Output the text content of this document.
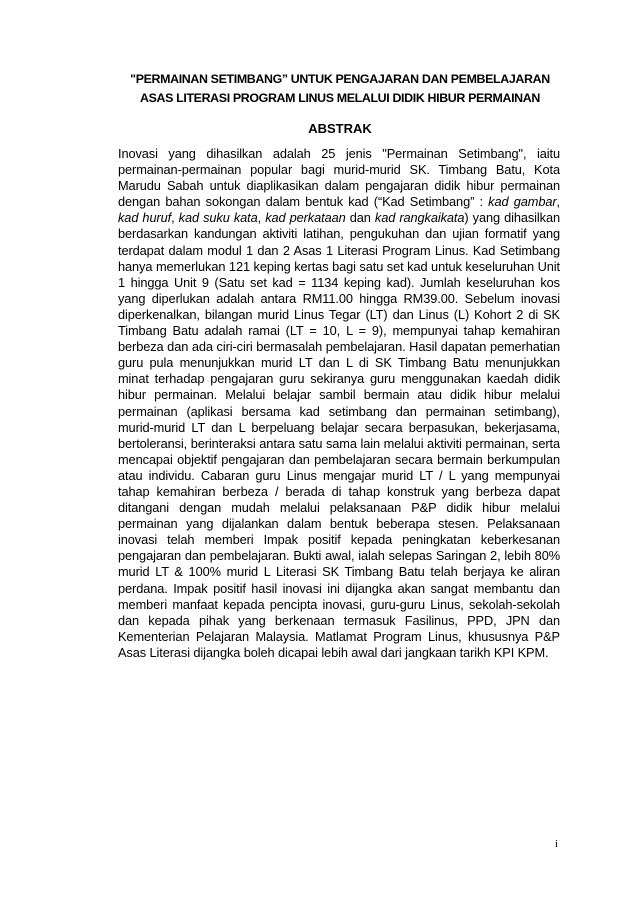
"PERMAINAN SETIMBANG” UNTUK PENGAJARAN DAN PEMBELAJARAN
ASAS LITERASI PROGRAM LINUS MELALUI DIDIK HIBUR PERMAINAN
ABSTRAK
Inovasi yang dihasilkan adalah 25 jenis "Permainan Setimbang", iaitu
permainan-permainan popular bagi murid-murid SK. Timbang Batu, Kota
Marudu Sabah untuk diaplikasikan dalam pengajaran didik hibur permainan
dengan bahan sokongan dalam bentuk kad (“Kad Setimbang” : kad gambar,
kad huruf, kad suku kata, kad perkataan dan kad rangkaikata) yang dihasilkan
berdasarkan kandungan aktiviti latihan, pengukuhan dan ujian formatif yang
terdapat dalam modul 1 dan 2 Asas 1 Literasi Program Linus. Kad Setimbang
hanya memerlukan 121 keping kertas bagi satu set kad untuk keseluruhan Unit
1 hingga Unit 9 (Satu set kad = 1134 keping kad). Jumlah keseluruhan kos
yang diperlukan adalah antara RM11.00 hingga RM39.00. Sebelum inovasi
diperkenalkan, bilangan murid Linus Tegar (LT) dan Linus (L) Kohort 2 di SK
Timbang Batu adalah ramai (LT = 10, L = 9), mempunyai tahap kemahiran
berbeza dan ada ciri-ciri bermasalah pembelajaran. Hasil dapatan pemerhatian
guru pula menunjukkan murid LT dan L di SK Timbang Batu menunjukkan
minat terhadap pengajaran guru sekiranya guru menggunakan kaedah didik
hibur permainan. Melalui belajar sambil bermain atau didik hibur melalui
permainan (aplikasi bersama kad setimbang dan permainan setimbang),
murid-murid LT dan L berpeluang belajar secara berpasukan, bekerjasama,
bertoleransi, berinteraksi antara satu sama lain melalui aktiviti permainan, serta
mencapai objektif pengajaran dan pembelajaran secara bermain berkumpulan
atau individu. Cabaran guru Linus mengajar murid LT / L yang mempunyai
tahap kemahiran berbeza / berada di tahap konstruk yang berbeza dapat
ditangani dengan mudah melalui pelaksanaan P&P didik hibur melalui
permainan yang dijalankan dalam bentuk beberapa stesen. Pelaksanaan
inovasi telah memberi Impak positif kepada peningkatan keberkesanan
pengajaran dan pembelajaran. Bukti awal, ialah selepas Saringan 2, lebih 80%
murid LT & 100% murid L Literasi SK Timbang Batu telah berjaya ke aliran
perdana. Impak positif hasil inovasi ini dijangka akan sangat membantu dan
memberi manfaat kepada pencipta inovasi, guru-guru Linus, sekolah-sekolah
dan kepada pihak yang berkenaan termasuk Fasilinus, PPD, JPN dan
Kementerian Pelajaran Malaysia. Matlamat Program Linus, khususnya P&P
Asas Literasi dijangka boleh dicapai lebih awal dari jangkaan tarikh KPI KPM.
i
